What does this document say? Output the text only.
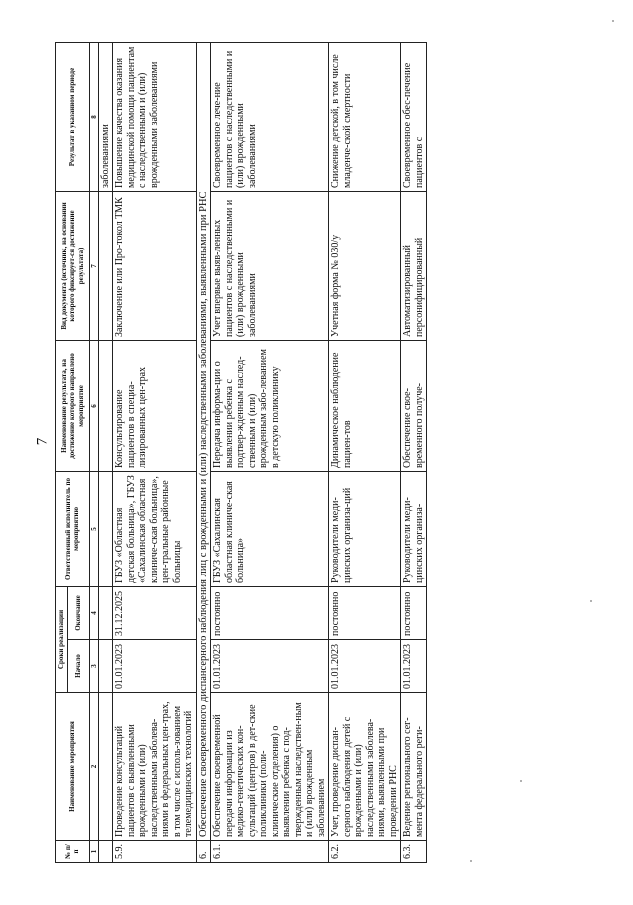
7
№ п/п	Наименование мероприятия	Сроки реализации		Ответственный исполнитель по мероприятию	Наименование результата, на достижение которого направлено мероприятие	Вид документа (источник, на основании которого фиксирует-ся достижение результата)	Результат в указанном периоде
		Начало	Окончание				
1	2	3	4	5	6	7	8
							заболеваниями
5.9.	Проведение консультаций пациентов с выявленными врожденными и (или) наследственными заболева-ниями в федеральных цен-трах, в том числе с исполь-зованием телемедицинских технологий	01.01.2023	31.12.2025	ГБУЗ «Областная детская больница», ГБУЗ «Сахалинская областная клиниче-ская больница», цен-тральные районные больницы	Консультирование пациентов в специа-лизированных цен-трах	Заключение или Про-токол ТМК	Повышение качества оказания медицинской помощи пациентам с наследственными и (или) врожденными заболеваниями
6.	Обеспечение своевременного диспансерного наблюдения лиц с врожденными и (или) наследственными заболеваниями, выявленными при РНС						
6.1.	Обеспечение своевременной передачи информации из медико-генетических кон-сультаций (центров) в дет-ские поликлиники (поли-клинические отделения) о выявлении ребенка с под-твержденным наследствен-ным и (или) врожденным заболеванием	01.01.2023	постоянно	ГБУЗ «Сахалинская областная клиниче-ская больница»	Передача информа-ции о выявлении ребенка с подтвер-жденным наслед-ственным и (или) врожденным забо-леванием в детскую поликлинику	Учет впервые выяв-ленных пациентов с наследственными и (или) врожденными заболеваниями	Своевременное лече-ние пациентов с наследственными и (или) врожденными заболеваниями
6.2.	Учет, проведение диспан-серного наблюдения детей с врожденными и (или) наследственными заболева-ниями, выявленными при проведении РНС	01.01.2023	постоянно	Руководители меди-цинских организа-ций	Динамическое наблюдение пациен-тов	Учетная форма № 030/у	Снижение детской, в том числе младенче-ской смертности
6.3.	Ведение регионального сег-мента федерального реги-	01.01.2023	постоянно	Руководители меди-цинских организа-	Обеспечение свое-временного получе-	Автоматизированный персонифицированный	Своевременное обес-печение пациентов с
